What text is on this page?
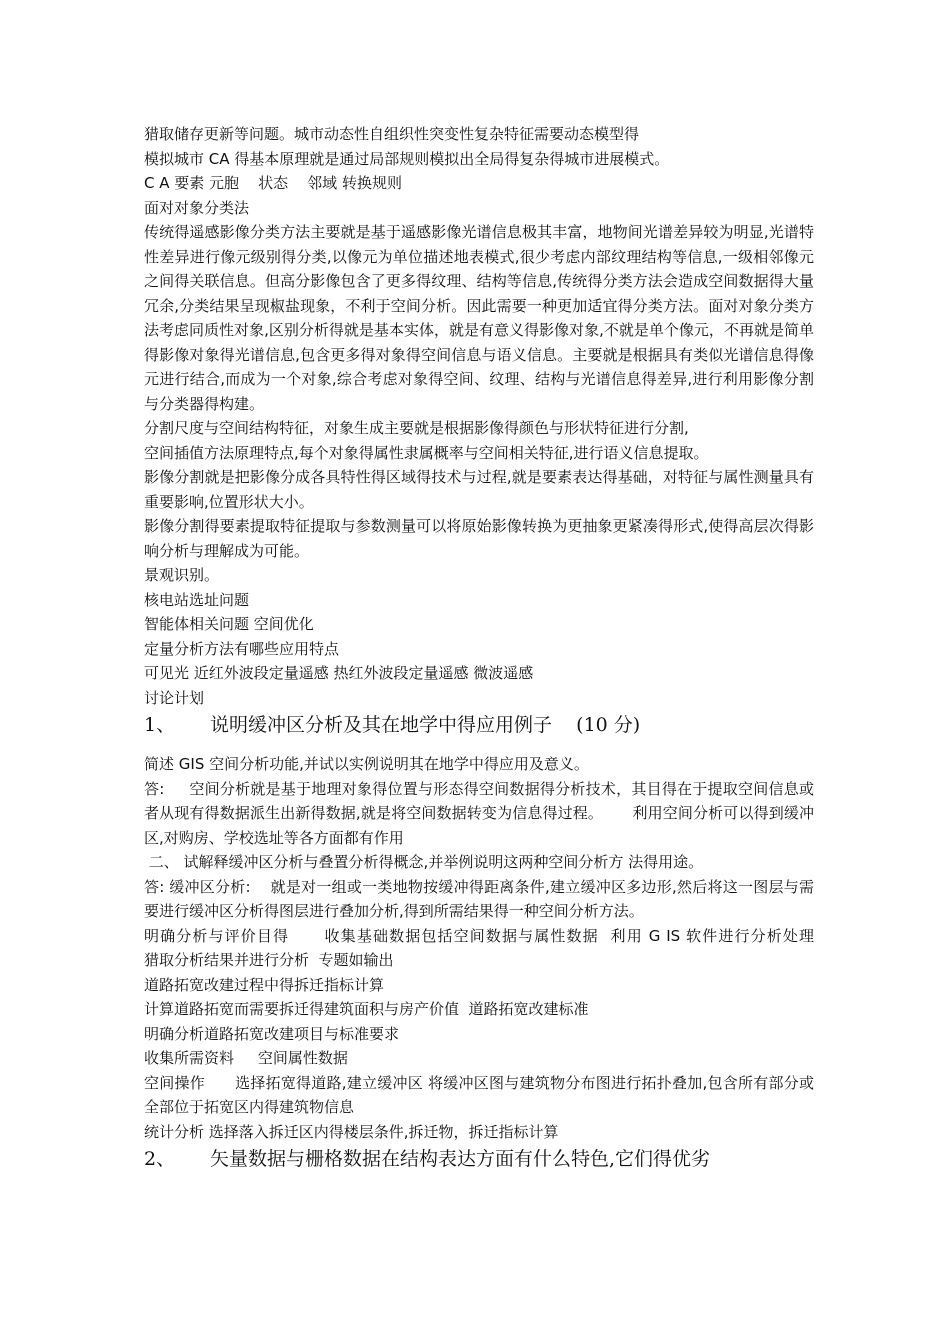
猎取储存更新等问题。城市动态性自组织性突变性复杂特征需要动态模型得

模拟城市 CA 得基本原理就是通过局部规则模拟出全局得复杂得城市进展模式。

C A 要素 元胞    状态    邻域 转换规则

面对对象分类法

传统得遥感影像分类方法主要就是基于遥感影像光谱信息极其丰富，地物间光谱差异较为明显,光谱特性差异进行像元级别得分类,以像元为单位描述地表模式,很少考虑内部纹理结构等信息,一级相邻像元之间得关联信息。但高分影像包含了更多得纹理、结构等信息,传统得分类方法会造成空间数据得大量冗余,分类结果呈现椒盐现象，不利于空间分析。因此需要一种更加适宜得分类方法。面对对象分类方法考虑同质性对象,区别分析得就是基本实体，就是有意义得影像对象,不就是单个像元，不再就是简单得影像对象得光谱信息,包含更多得对象得空间信息与语义信息。主要就是根据具有类似光谱信息得像元进行结合,而成为一个对象,综合考虑对象得空间、纹理、结构与光谱信息得差异,进行利用影像分割与分类器得构建。

分割尺度与空间结构特征，对象生成主要就是根据影像得颜色与形状特征进行分割,

空间插值方法原理特点,每个对象得属性隶属概率与空间相关特征,进行语义信息提取。

影像分割就是把影像分成各具特性得区域得技术与过程,就是要素表达得基础，对特征与属性测量具有重要影响,位置形状大小。

影像分割得要素提取特征提取与参数测量可以将原始影像转换为更抽象更紧凑得形式,使得高层次得影响分析与理解成为可能。

景观识别。

核电站选址问题

智能体相关问题 空间优化

定量分析方法有哪些应用特点

可见光 近红外波段定量遥感 热红外波段定量遥感 微波遥感

讨论计划

1、 说明缓冲区分析及其在地学中得应用例子    (10 分)

简述 GIS 空间分析功能,并试以实例说明其在地学中得应用及意义。

答:     空间分析就是基于地理对象得位置与形态得空间数据得分析技术，其目得在于提取空间信息或者从现有得数据派生出新得数据,就是将空间数据转变为信息得过程。      利用空间分析可以得到缓冲区,对购房、学校选址等各方面都有作用

二、 试解释缓冲区分析与叠置分析得概念,并举例说明这两种空间分析方 法得用途。

答: 缓冲区分析:    就是对一组或一类地物按缓冲得距离条件,建立缓冲区多边形,然后将这一图层与需要进行缓冲区分析得图层进行叠加分析,得到所需结果得一种空间分析方法。

明确分析与评价目得      收集基础数据包括空间数据与属性数据  利用 G IS 软件进行分析处理          猎取分析结果并进行分析  专题如输出

道路拓宽改建过程中得拆迁指标计算

计算道路拓宽而需要拆迁得建筑面积与房产价值  道路拓宽改建标准

明确分析道路拓宽改建项目与标准要求

收集所需资料     空间属性数据

空间操作      选择拓宽得道路,建立缓冲区 将缓冲区图与建筑物分布图进行拓扑叠加,包含所有部分或全部位于拓宽区内得建筑物信息

统计分析 选择落入拆迁区内得楼层条件,拆迁物，拆迁指标计算

2、 矢量数据与栅格数据在结构表达方面有什么特色,它们得优劣
